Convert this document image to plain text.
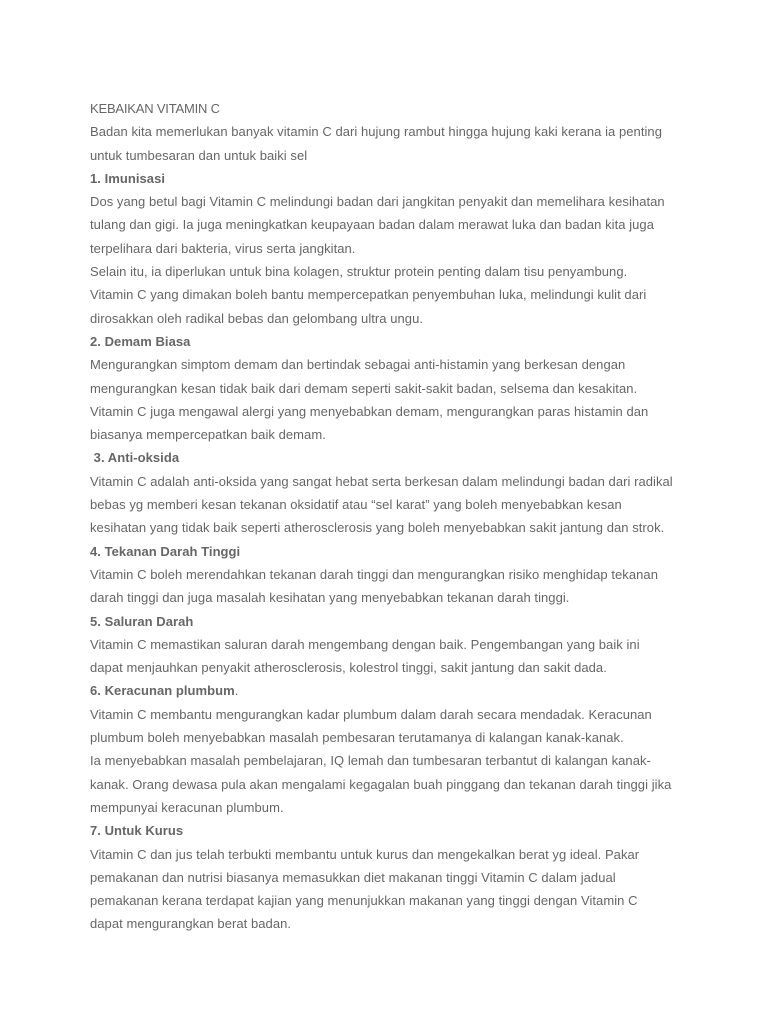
KEBAIKAN VITAMIN C
Badan kita memerlukan banyak vitamin C dari hujung rambut hingga hujung kaki kerana ia penting
untuk tumbesaran dan untuk baiki sel
1. Imunisasi
Dos yang betul bagi Vitamin C melindungi badan dari jangkitan penyakit dan memelihara kesihatan
tulang dan gigi. Ia juga meningkatkan keupayaan badan dalam merawat luka dan badan kita juga
terpelihara dari bakteria, virus serta jangkitan.
Selain itu, ia diperlukan untuk bina kolagen, struktur protein penting dalam tisu penyambung.
Vitamin C yang dimakan boleh bantu mempercepatkan penyembuhan luka, melindungi kulit dari
dirosakkan oleh radikal bebas dan gelombang ultra ungu.
2. Demam Biasa
Mengurangkan simptom demam dan bertindak sebagai anti-histamin yang berkesan dengan
mengurangkan kesan tidak baik dari demam seperti sakit-sakit badan, selsema dan kesakitan.
Vitamin C juga mengawal alergi yang menyebabkan demam, mengurangkan paras histamin dan
biasanya mempercepatkan baik demam.
3. Anti-oksida
Vitamin C adalah anti-oksida yang sangat hebat serta berkesan dalam melindungi badan dari radikal
bebas yg memberi kesan tekanan oksidatif atau “sel karat” yang boleh menyebabkan kesan
kesihatan yang tidak baik seperti atherosclerosis yang boleh menyebabkan sakit jantung dan strok.
4. Tekanan Darah Tinggi
Vitamin C boleh merendahkan tekanan darah tinggi dan mengurangkan risiko menghidap tekanan
darah tinggi dan juga masalah kesihatan yang menyebabkan tekanan darah tinggi.
5. Saluran Darah
Vitamin C memastikan saluran darah mengembang dengan baik. Pengembangan yang baik ini
dapat menjauhkan penyakit atherosclerosis, kolestrol tinggi, sakit jantung dan sakit dada.
6. Keracunan plumbum.
Vitamin C membantu mengurangkan kadar plumbum dalam darah secara mendadak. Keracunan
plumbum boleh menyebabkan masalah pembesaran terutamanya di kalangan kanak-kanak.
Ia menyebabkan masalah pembelajaran, IQ lemah dan tumbesaran terbantut di kalangan kanak-
kanak. Orang dewasa pula akan mengalami kegagalan buah pinggang dan tekanan darah tinggi jika
mempunyai keracunan plumbum.
7. Untuk Kurus
Vitamin C dan jus telah terbukti membantu untuk kurus dan mengekalkan berat yg ideal. Pakar
pemakanan dan nutrisi biasanya memasukkan diet makanan tinggi Vitamin C dalam jadual
pemakanan kerana terdapat kajian yang menunjukkan makanan yang tinggi dengan Vitamin C
dapat mengurangkan berat badan.
